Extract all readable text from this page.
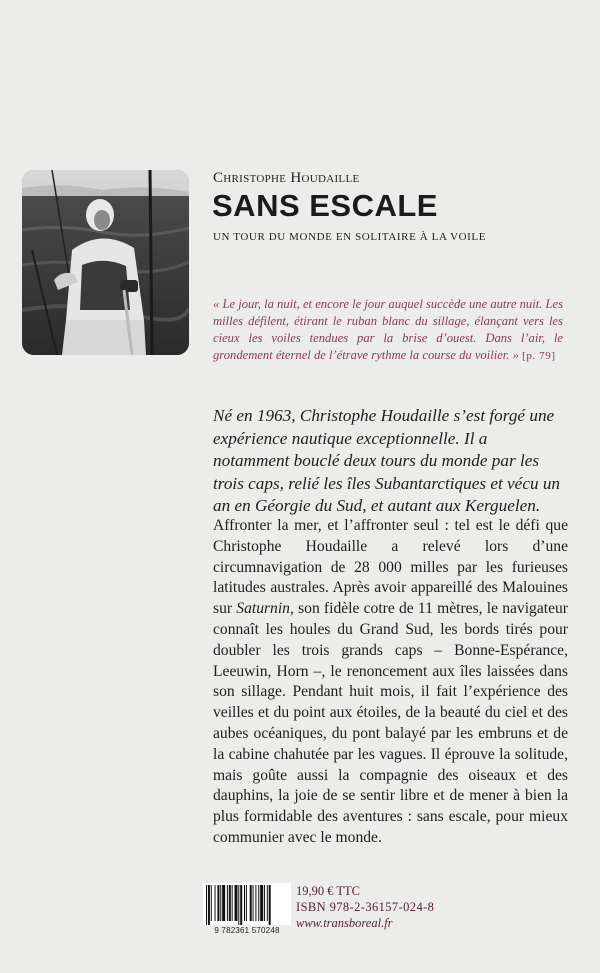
Christophe Houdaille
SANS ESCALE
UN TOUR DU MONDE EN SOLITAIRE À LA VOILE
« Le jour, la nuit, et encore le jour auquel succède une autre nuit. Les milles défilent, étirant le ruban blanc du sillage, élançant vers les cieux les voiles tendues par la brise d’ouest. Dans l’air, le grondement éternel de l’étrave rythme la course du voilier. » [p. 79]
Né en 1963, Christophe Houdaille s’est forgé une expérience nautique exceptionnelle. Il a notamment bouclé deux tours du monde par les trois caps, relié les îles Subantarctiques et vécu un an en Géorgie du Sud, et autant aux Kerguelen.
Affronter la mer, et l’affronter seul : tel est le défi que Christophe Houdaille a relevé lors d’une circumnavigation de 28 000 milles par les furieuses latitudes australes. Après avoir appareillé des Malouines sur Saturnin, son fidèle cotre de 11 mètres, le navigateur connaît les houles du Grand Sud, les bords tirés pour doubler les trois grands caps – Bonne-Espérance, Leeuwin, Horn –, le renoncement aux îles laissées dans son sillage. Pendant huit mois, il fait l’expérience des veilles et du point aux étoiles, de la beauté du ciel et des aubes océaniques, du pont balayé par les embruns et de la cabine chahutée par les vagues. Il éprouve la solitude, mais goûte aussi la compagnie des oiseaux et des dauphins, la joie de se sentir libre et de mener à bien la plus formidable des aventures : sans escale, pour mieux communier avec le monde.
9 782361 570248
19,90 € TTC
ISBN 978-2-36157-024-8
www.transboreal.fr
